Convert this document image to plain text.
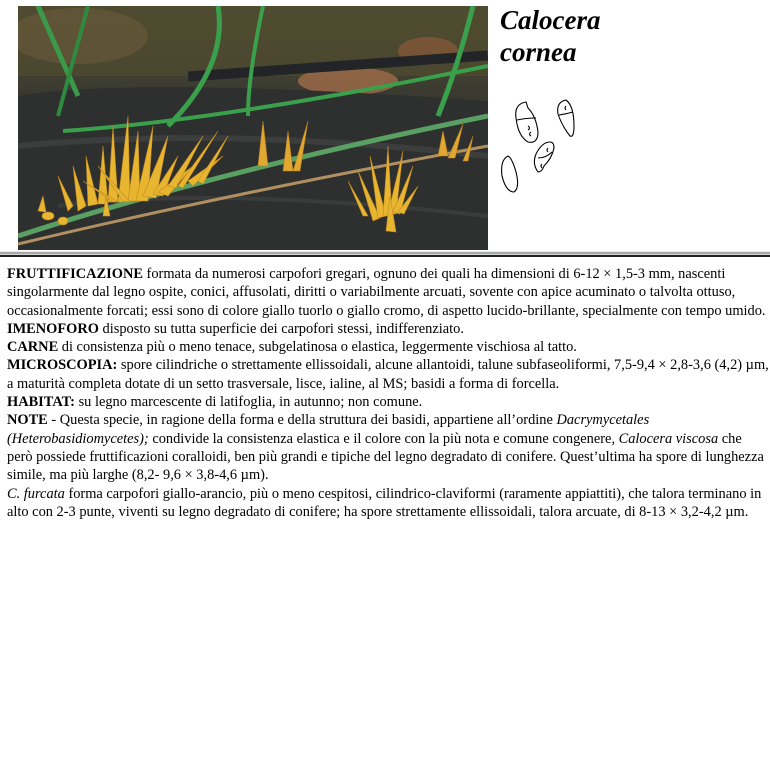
Calocera
cornea

FRUTTIFICAZIONE formata da numerosi carpofori gregari, ognuno dei quali ha dimensioni di 6-12 × 1,5-3 mm, nascenti singolarmente dal legno ospite, conici, affusolati, diritti o variabilmente arcuati, sovente con apice acuminato o talvolta ottuso, occasionalmente forcati; essi sono di colore giallo tuorlo o giallo cromo, di aspetto lucido-brillante, specialmente con tempo umido.

IMENOFORO disposto su tutta superficie dei carpofori stessi, indifferenziato.

CARNE di consistenza più o meno tenace, subgelatinosa o elastica, leggermente vischiosa al tatto.

MICROSCOPIA: spore cilindriche o strettamente ellissoidali, alcune allantoidi, talune subfaseoliformi, 7,5-9,4 × 2,8-3,6 (4,2) µm, a maturità completa dotate di un setto trasversale, lisce, ialine, al MS; basidi a forma di forcella.

HABITAT: su legno marcescente di latifoglia, in autunno; non comune.

NOTE - Questa specie, in ragione della forma e della struttura dei basidi, appartiene all’ordine Dacrymycetales (Heterobasidiomycetes); condivide la consistenza elastica e il colore con la più nota e comune congenere, Calocera viscosa che però possiede fruttificazioni coralloidi, ben più grandi e tipiche del legno degradato di conifere. Quest’ultima ha spore di lunghezza simile, ma più larghe (8,2- 9,6 × 3,8-4,6 µm).

C. furcata forma carpofori giallo-arancio, più o meno cespitosi, cilindrico-claviformi (raramente appiattiti), che talora terminano in alto con 2-3 punte, viventi su legno degradato di conifere; ha spore strettamente ellissoidali, talora arcuate, di 8-13 × 3,2-4,2 µm.
